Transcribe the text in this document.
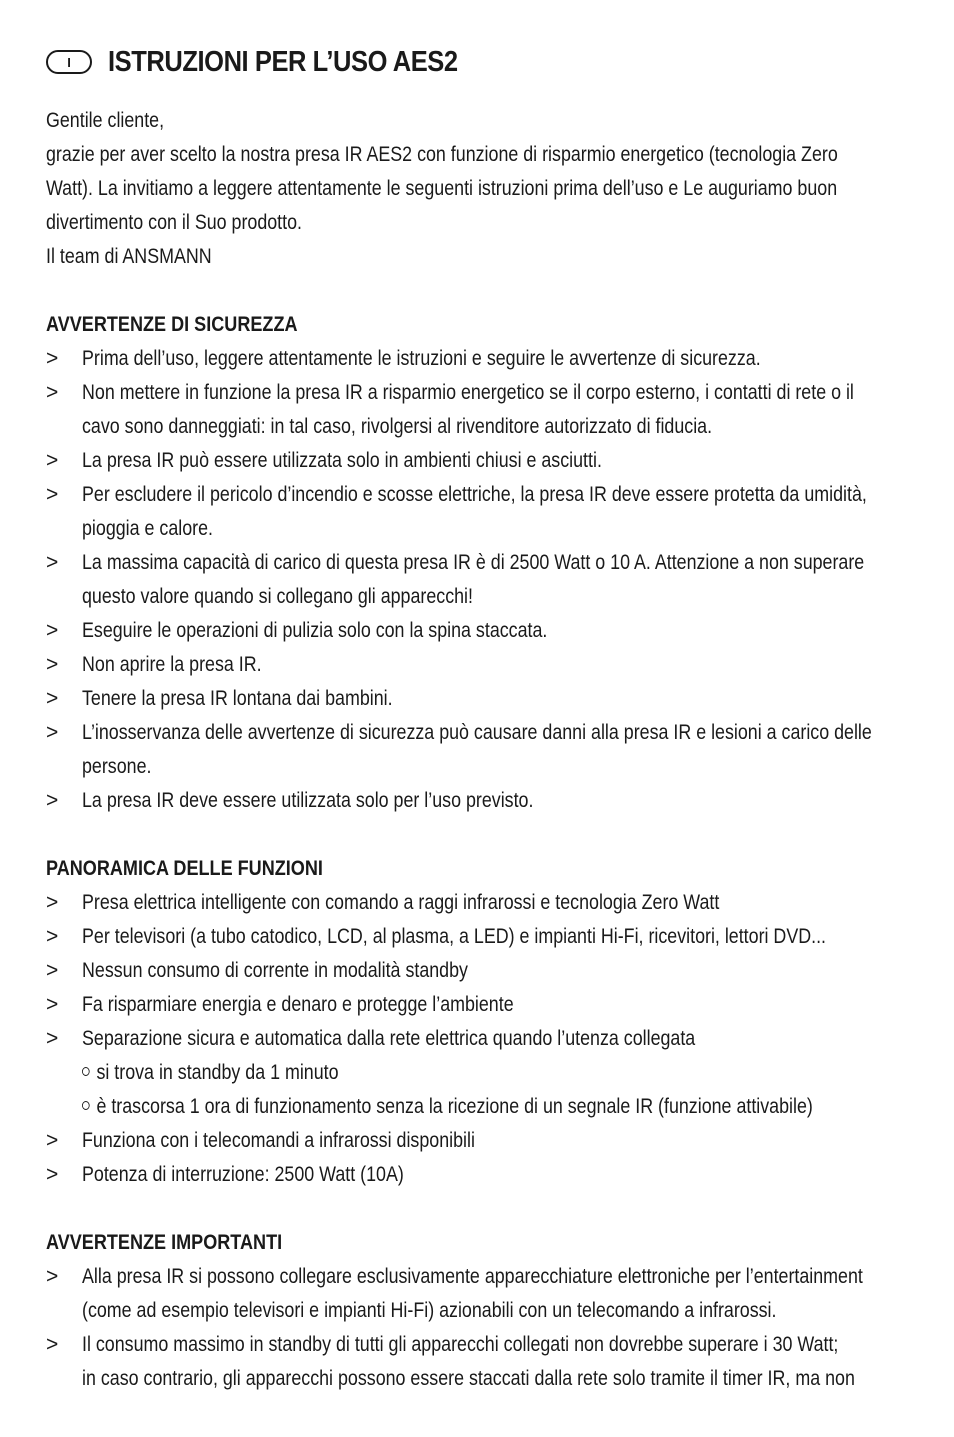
I	ISTRUZIONI PER L’USO AES2
Gentile cliente,
grazie per aver scelto la nostra presa IR AES2 con funzione di risparmio energetico (tecnologia Zero
Watt). La invitiamo a leggere attentamente le seguenti istruzioni prima dell’uso e Le auguriamo buon
divertimento con il Suo prodotto.
Il team di ANSMANN
AVVERTENZE DI SICUREZZA
>	Prima dell’uso, leggere attentamente le istruzioni e seguire le avvertenze di sicurezza.
>	Non mettere in funzione la presa IR a risparmio energetico se il corpo esterno, i contatti di rete o il
cavo sono danneggiati: in tal caso, rivolgersi al rivenditore autorizzato di fiducia.
>	La presa IR può essere utilizzata solo in ambienti chiusi e asciutti.
>	Per escludere il pericolo d’incendio e scosse elettriche, la presa IR deve essere protetta da umidità,
pioggia e calore.
>	La massima capacità di carico di questa presa IR è di 2500 Watt o 10 A. Attenzione a non superare
questo valore quando si collegano gli apparecchi!
>	Eseguire le operazioni di pulizia solo con la spina staccata.
>	Non aprire la presa IR.
>	Tenere la presa IR lontana dai bambini.
>	L’inosservanza delle avvertenze di sicurezza può causare danni alla presa IR e lesioni a carico delle
persone.
>	La presa IR deve essere utilizzata solo per l’uso previsto.
PANORAMICA DELLE FUNZIONI
>	Presa elettrica intelligente con comando a raggi infrarossi e tecnologia Zero Watt
>	Per televisori (a tubo catodico, LCD, al plasma, a LED) e impianti Hi-Fi, ricevitori, lettori DVD...
>	Nessun consumo di corrente in modalità standby
>	Fa risparmiare energia e denaro e protegge l’ambiente
>	Separazione sicura e automatica dalla rete elettrica quando l’utenza collegata
si trova in standby da 1 minuto
è trascorsa 1 ora di funzionamento senza la ricezione di un segnale IR (funzione attivabile)
>	Funziona con i telecomandi a infrarossi disponibili
>	Potenza di interruzione: 2500 Watt (10A)
AVVERTENZE IMPORTANTI
>	Alla presa IR si possono collegare esclusivamente apparecchiature elettroniche per l’entertainment
(come ad esempio televisori e impianti Hi-Fi) azionabili con un telecomando a infrarossi.
>	Il consumo massimo in standby di tutti gli apparecchi collegati non dovrebbe superare i 30 Watt;
in caso contrario, gli apparecchi possono essere staccati dalla rete solo tramite il timer IR, ma non
